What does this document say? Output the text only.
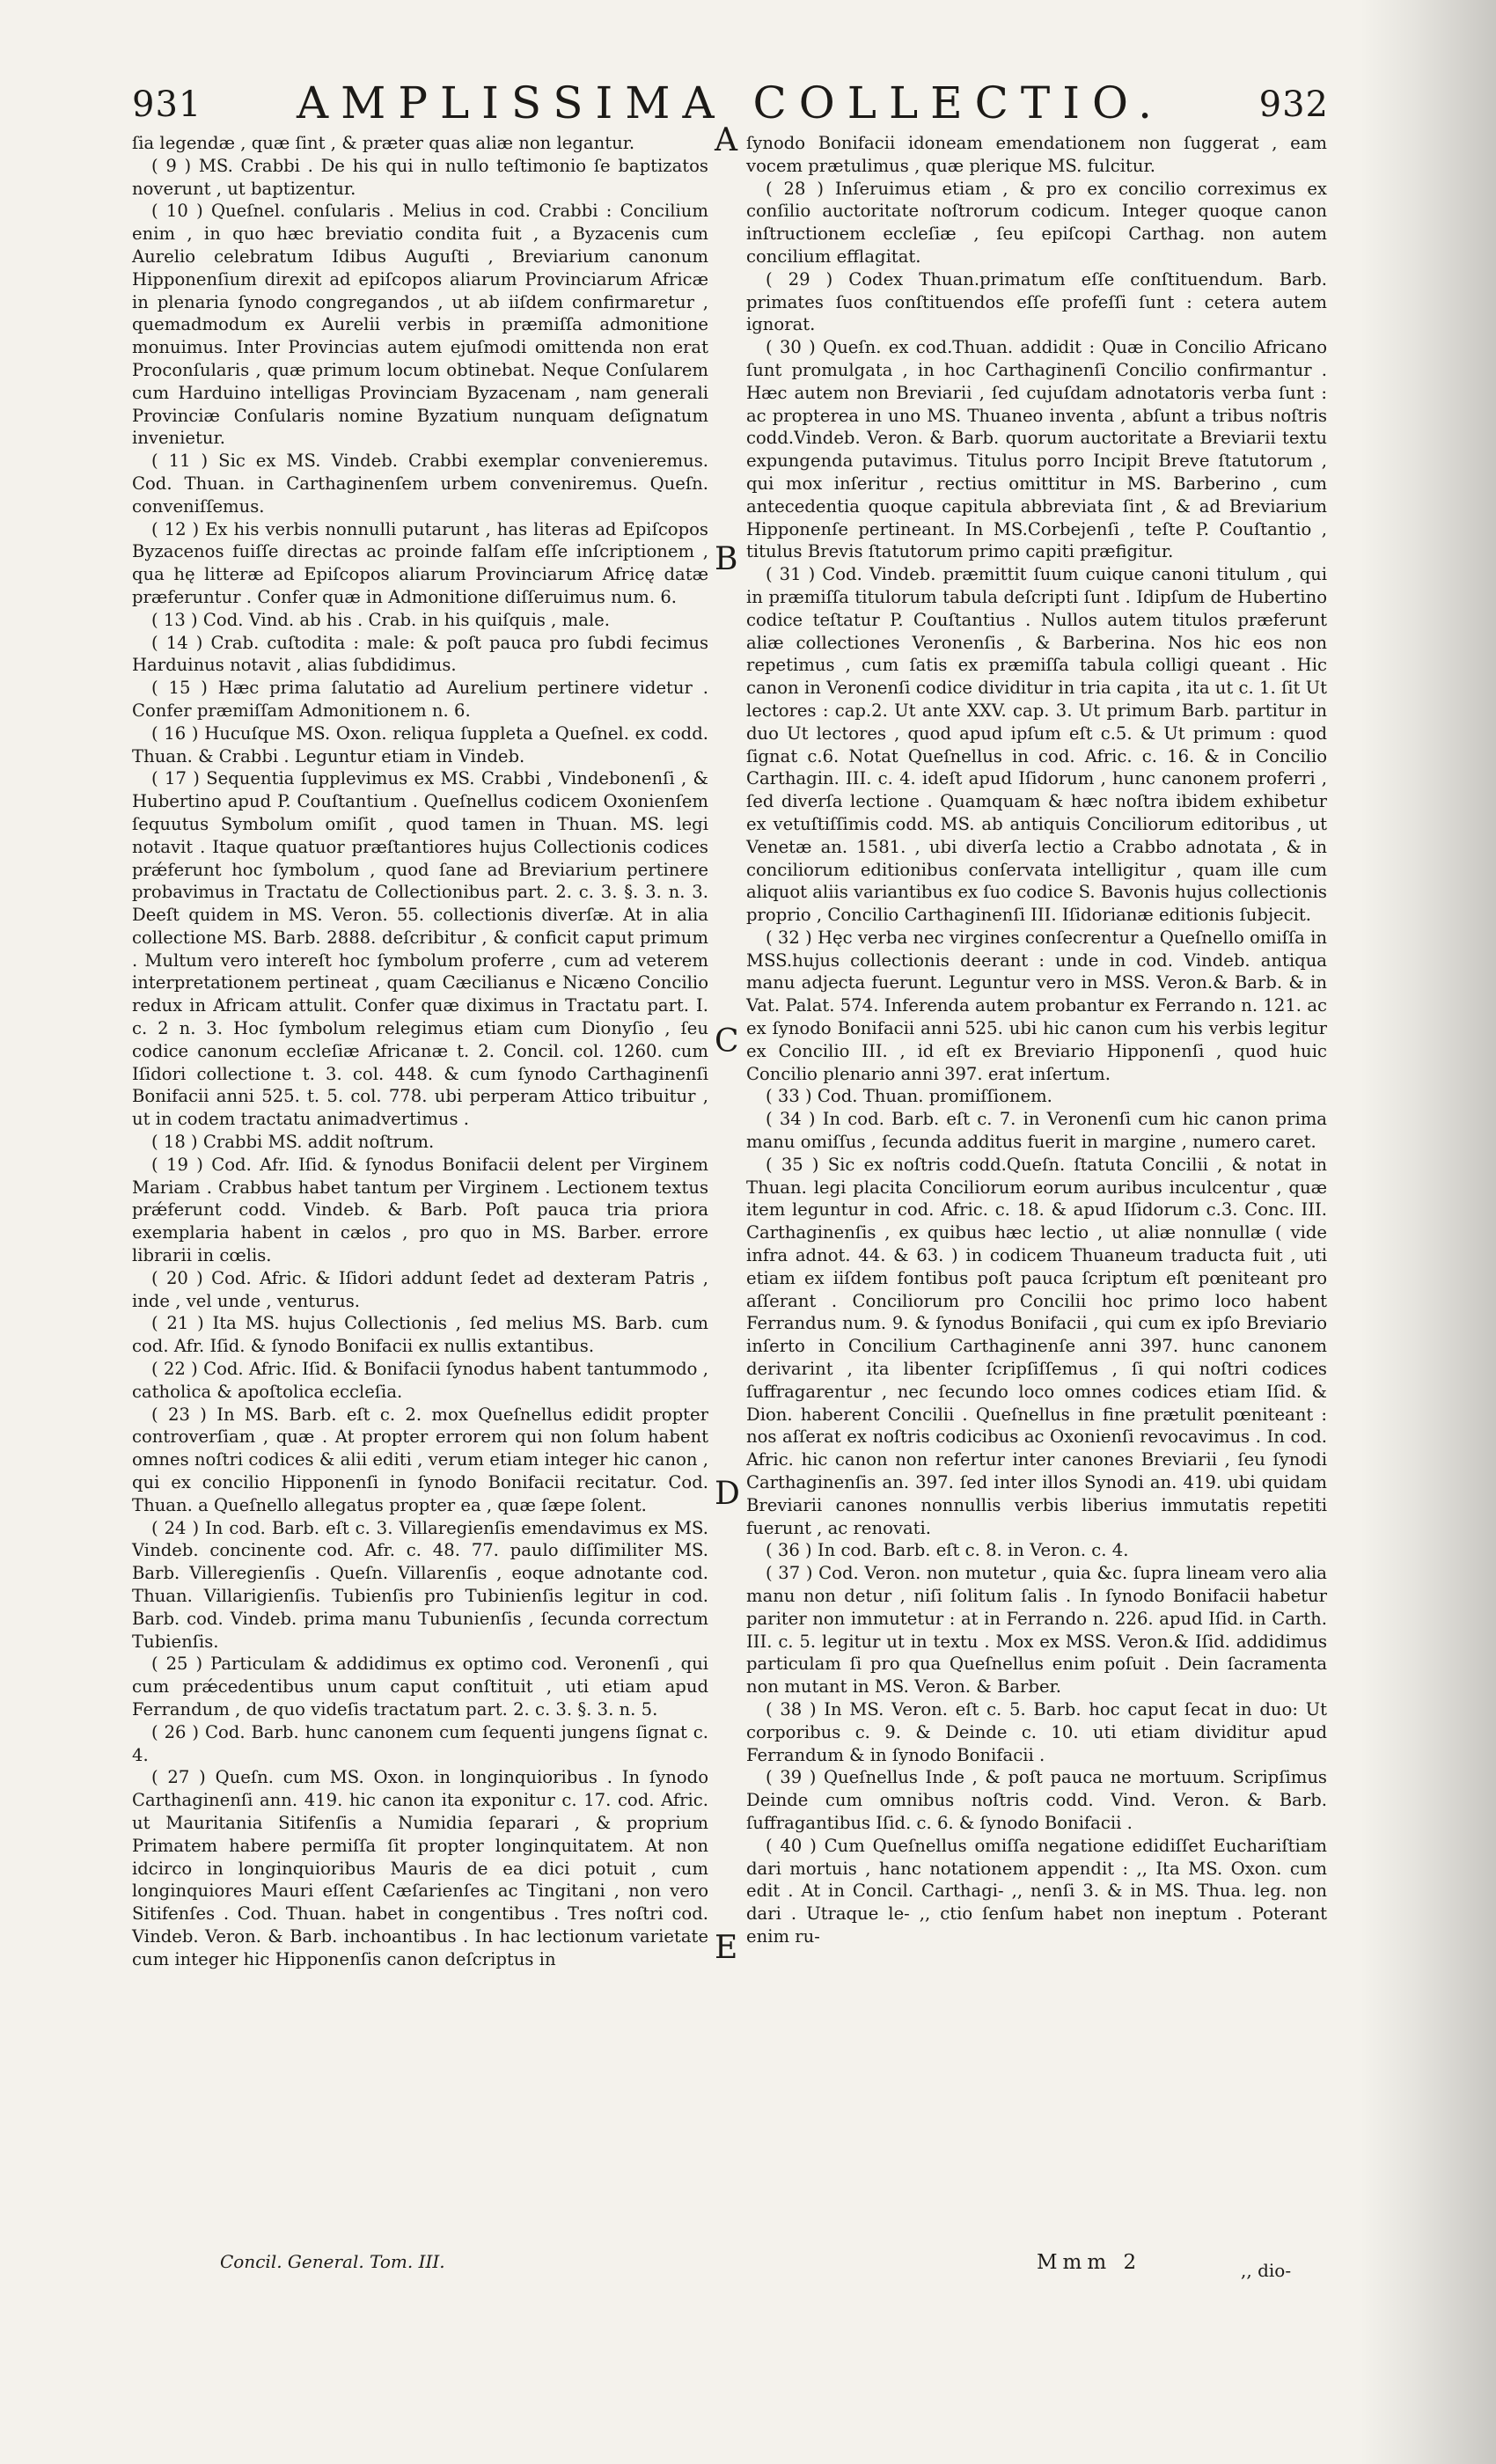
931	AMPLISSIMA COLLECTIO.	932

ſia legendæ , quæ ſint , & præter quas aliæ non legantur.

( 9 ) MS. Crabbi . De his qui in nullo teſtimonio ſe baptizatos noverunt , ut baptizentur.

( 10 ) Queſnel. conſularis . Melius in cod. Crabbi : Concilium enim , in quo hæc breviatio condita fuit , a Byzacenis cum Aurelio celebratum Idibus Auguſti , Breviarium canonum Hipponenſium direxit ad epiſcopos aliarum Provinciarum Africæ in plenaria ſynodo congregandos , ut ab iiſdem confirmaretur , quemadmodum ex Aurelii verbis in præmiſſa admonitione monuimus. Inter Provincias autem ejuſmodi omittenda non erat Proconſularis , quæ primum locum obtinebat. Neque Conſularem cum Harduino intelligas Provinciam Byzacenam , nam generali Provinciæ Conſularis nomine Byzatium nunquam deſignatum invenietur.

( 11 ) Sic ex MS. Vindeb. Crabbi exemplar convenieremus. Cod. Thuan. in Carthaginenſem urbem conveniremus. Queſn. conveniſſemus.

( 12 ) Ex his verbis nonnulli putarunt , has literas ad Epiſcopos Byzacenos fuiſſe directas ac proinde falſam eſſe inſcriptionem , qua hę litteræ ad Epiſcopos aliarum Provinciarum Africę datæ præferuntur . Confer quæ in Admonitione diſſeruimus num. 6.

( 13 ) Cod. Vind. ab his . Crab. in his quiſquis , male.

( 14 ) Crab. cuſtodita : male: & poſt pauca pro ſubdi fecimus Harduinus notavit , alias ſubdidimus.

( 15 ) Hæc prima ſalutatio ad Aurelium pertinere videtur . Confer præmiſſam Admonitionem n. 6.

( 16 ) Hucuſque MS. Oxon. reliqua ſuppleta a Queſnel. ex codd. Thuan. & Crabbi . Leguntur etiam in Vindeb.

( 17 ) Sequentia ſupplevimus ex MS. Crabbi , Vindebonenſi , & Hubertino apud P. Couſtantium . Queſnellus codicem Oxonienſem ſequutus Symbolum omiſit , quod tamen in Thuan. MS. legi notavit . Itaque quatuor præſtantiores hujus Collectionis codices prǽferunt hoc ſymbolum , quod ſane ad Breviarium pertinere probavimus in Tractatu de Collectionibus part. 2. c. 3. §. 3. n. 3. Deeſt quidem in MS. Veron. 55. collectionis diverſæ. At in alia collectione MS. Barb. 2888. deſcribitur , & conficit caput primum . Multum vero intereſt hoc ſymbolum proferre , cum ad veterem interpretationem pertineat , quam Cæcilianus e Nicæno Concilio redux in Africam attulit. Confer quæ diximus in Tractatu part. I. c. 2 n. 3. Hoc ſymbolum relegimus etiam cum Dionyſio , ſeu codice canonum eccleſiæ Africanæ t. 2. Concil. col. 1260. cum Iſidori collectione t. 3. col. 448. & cum ſynodo Carthaginenſi Bonifacii anni 525. t. 5. col. 778. ubi perperam Attico tribuitur , ut in codem tractatu animadvertimus .

( 18 ) Crabbi MS. addit noſtrum.

( 19 ) Cod. Afr. Iſid. & ſynodus Bonifacii delent per Virginem Mariam . Crabbus habet tantum per Virginem . Lectionem textus prǽferunt codd. Vindeb. & Barb. Poſt pauca tria priora exemplaria habent in cælos , pro quo in MS. Barber. errore librarii in cœlis.

( 20 ) Cod. Afric. & Iſidori addunt ſedet ad dexteram Patris , inde , vel unde , venturus.

( 21 ) Ita MS. hujus Collectionis , ſed melius MS. Barb. cum cod. Afr. Iſid. & ſynodo Bonifacii ex nullis extantibus.

( 22 ) Cod. Afric. Iſid. & Bonifacii ſynodus habent tantummodo , catholica & apoſtolica eccleſia.

( 23 ) In MS. Barb. eſt c. 2. mox Queſnellus edidit propter controverſiam , quæ . At propter errorem qui non ſolum habent omnes noſtri codices & alii editi , verum etiam integer hic canon , qui ex concilio Hipponenſi in ſynodo Bonifacii recitatur. Cod. Thuan. a Queſnello allegatus propter ea , quæ ſæpe ſolent.

( 24 ) In cod. Barb. eſt c. 3. Villaregienſis emendavimus ex MS. Vindeb. concinente cod. Afr. c. 48. 77. paulo diſſimiliter MS. Barb. Villeregienſis . Queſn. Villarenſis , eoque adnotante cod. Thuan. Villarigienſis. Tubienſis pro Tubinienſis legitur in cod. Barb. cod. Vindeb. prima manu Tubunienſis , ſecunda correctum Tubienſis.

( 25 ) Particulam & addidimus ex optimo cod. Veronenſi , qui cum prǽcedentibus unum caput conſtituit , uti etiam apud Ferrandum , de quo videſis tractatum part. 2. c. 3. §. 3. n. 5.

( 26 ) Cod. Barb. hunc canonem cum ſequenti jungens ſignat c. 4.

( 27 ) Queſn. cum MS. Oxon. in longinquioribus . In ſynodo Carthaginenſi ann. 419. hic canon ita exponitur c. 17. cod. Afric. ut Mauritania Sitifenſis a Numidia ſeparari , & proprium Primatem habere permiſſa ſit propter longinquitatem. At non idcirco in longinquioribus Mauris de ea dici potuit , cum longinquiores Mauri eſſent Cæſarienſes ac Tingitani , non vero Sitifenſes . Cod. Thuan. habet in congentibus . Tres noſtri cod. Vindeb. Veron. & Barb. inchoantibus . In hac lectionum varietate cum integer hic Hipponenſis canon deſcriptus in

ſynodo Bonifacii idoneam emendationem non ſuggerat , eam vocem prætulimus , quæ plerique MS. fulcitur.

( 28 ) Inſeruimus etiam , & pro ex concilio correximus ex conſilio auctoritate noſtrorum codicum. Integer quoque canon inſtructionem eccleſiæ , ſeu epiſcopi Carthag. non autem concilium efflagitat.

( 29 ) Codex Thuan.primatum eſſe conſtituendum. Barb. primates ſuos conſtituendos eſſe profeſſi ſunt : cetera autem ignorat.

( 30 ) Queſn. ex cod.Thuan. addidit : Quæ in Concilio Africano ſunt promulgata , in hoc Carthaginenſi Concilio confirmantur . Hæc autem non Breviarii , ſed cujuſdam adnotatoris verba ſunt : ac propterea in uno MS. Thuaneo inventa , abſunt a tribus noſtris codd.Vindeb. Veron. & Barb. quorum auctoritate a Breviarii textu expungenda putavimus. Titulus porro Incipit Breve ſtatutorum , qui mox inſeritur , rectius omittitur in MS. Barberino , cum antecedentia quoque capitula abbreviata ſint , & ad Breviarium Hipponenſe pertineant. In MS.Corbejenſi , teſte P. Couſtantio , titulus Brevis ſtatutorum primo capiti præfigitur.

( 31 ) Cod. Vindeb. præmittit ſuum cuique canoni titulum , qui in præmiſſa titulorum tabula deſcripti ſunt . Idipſum de Hubertino codice teſtatur P. Couſtantius . Nullos autem titulos præferunt aliæ collectiones Veronenſis , & Barberina. Nos hic eos non repetimus , cum ſatis ex præmiſſa tabula colligi queant . Hic canon in Veronenſi codice dividitur in tria capita , ita ut c. 1. ſit Ut lectores : cap.2. Ut ante XXV. cap. 3. Ut primum Barb. partitur in duo Ut lectores , quod apud ipſum eſt c.5. & Ut primum : quod ſignat c.6. Notat Queſnellus in cod. Afric. c. 16. & in Concilio Carthagin. III. c. 4. ideſt apud Iſidorum , hunc canonem proferri , ſed diverſa lectione . Quamquam & hæc noſtra ibidem exhibetur ex vetuſtiſſimis codd. MS. ab antiquis Conciliorum editoribus , ut Venetæ an. 1581. , ubi diverſa lectio a Crabbo adnotata , & in conciliorum editionibus conſervata intelligitur , quam ille cum aliquot aliis variantibus ex ſuo codice S. Bavonis hujus collectionis proprio , Concilio Carthaginenſi III. Iſidorianæ editionis ſubjecit.

( 32 ) Hęc verba nec virgines conſecrentur a Queſnello omiſſa in MSS.hujus collectionis deerant : unde in cod. Vindeb. antiqua manu adjecta fuerunt. Leguntur vero in MSS. Veron.& Barb. & in Vat. Palat. 574. Inferenda autem probantur ex Ferrando n. 121. ac ex ſynodo Bonifacii anni 525. ubi hic canon cum his verbis legitur ex Concilio III. , id eſt ex Breviario Hipponenſi , quod huic Concilio plenario anni 397. erat inſertum.

( 33 ) Cod. Thuan. promiſſionem.

( 34 ) In cod. Barb. eſt c. 7. in Veronenſi cum hic canon prima manu omiſſus , ſecunda additus fuerit in margine , numero caret.

( 35 ) Sic ex noſtris codd.Queſn. ſtatuta Concilii , & notat in Thuan. legi placita Conciliorum eorum auribus inculcentur , quæ item leguntur in cod. Afric. c. 18. & apud Iſidorum c.3. Conc. III. Carthaginenſis , ex quibus hæc lectio , ut aliæ nonnullæ ( vide infra adnot. 44. & 63. ) in codicem Thuaneum traducta fuit , uti etiam ex iiſdem fontibus poſt pauca ſcriptum eſt pœniteant pro aſſerant . Conciliorum pro Concilii hoc primo loco habent Ferrandus num. 9. & ſynodus Bonifacii , qui cum ex ipſo Breviario inſerto in Concilium Carthaginenſe anni 397. hunc canonem derivarint , ita libenter ſcripſiſſemus , ſi qui noſtri codices ſuffragarentur , nec ſecundo loco omnes codices etiam Iſid. & Dion. haberent Concilii . Queſnellus in fine prætulit pœniteant : nos aſſerat ex noſtris codicibus ac Oxonienſi revocavimus . In cod. Afric. hic canon non refertur inter canones Breviarii , ſeu ſynodi Carthaginenſis an. 397. ſed inter illos Synodi an. 419. ubi quidam Breviarii canones nonnullis verbis liberius immutatis repetiti fuerunt , ac renovati.

( 36 ) In cod. Barb. eſt c. 8. in Veron. c. 4.

( 37 ) Cod. Veron. non mutetur , quia &c. ſupra lineam vero alia manu non detur , niſi ſolitum ſalis . In ſynodo Bonifacii habetur pariter non immutetur : at in Ferrando n. 226. apud Iſid. in Carth. III. c. 5. legitur ut in textu . Mox ex MSS. Veron.& Iſid. addidimus particulam ſi pro qua Queſnellus enim poſuit . Dein ſacramenta non mutant in MS. Veron. & Barber.

( 38 ) In MS. Veron. eſt c. 5. Barb. hoc caput ſecat in duo: Ut corporibus c. 9. & Deinde c. 10. uti etiam dividitur apud Ferrandum & in ſynodo Bonifacii .

( 39 ) Queſnellus Inde , & poſt pauca ne mortuum. Scripſimus Deinde cum omnibus noſtris codd. Vind. Veron. & Barb. ſuffragantibus Iſid. c. 6. & ſynodo Bonifacii .

( 40 ) Cum Queſnellus omiſſa negatione edidiſſet Euchariſtiam dari mortuis , hanc notationem appendit : ,, Ita MS. Oxon. cum edit . At in Concil. Carthagi- ,, nenſi 3. & in MS. Thua. leg. non dari . Utraque le- ,, ctio ſenſum habet non ineptum . Poterant enim ru-

A
B
C
D
E
Concil. General. Tom. III.	Mmm 2	,, dio-
